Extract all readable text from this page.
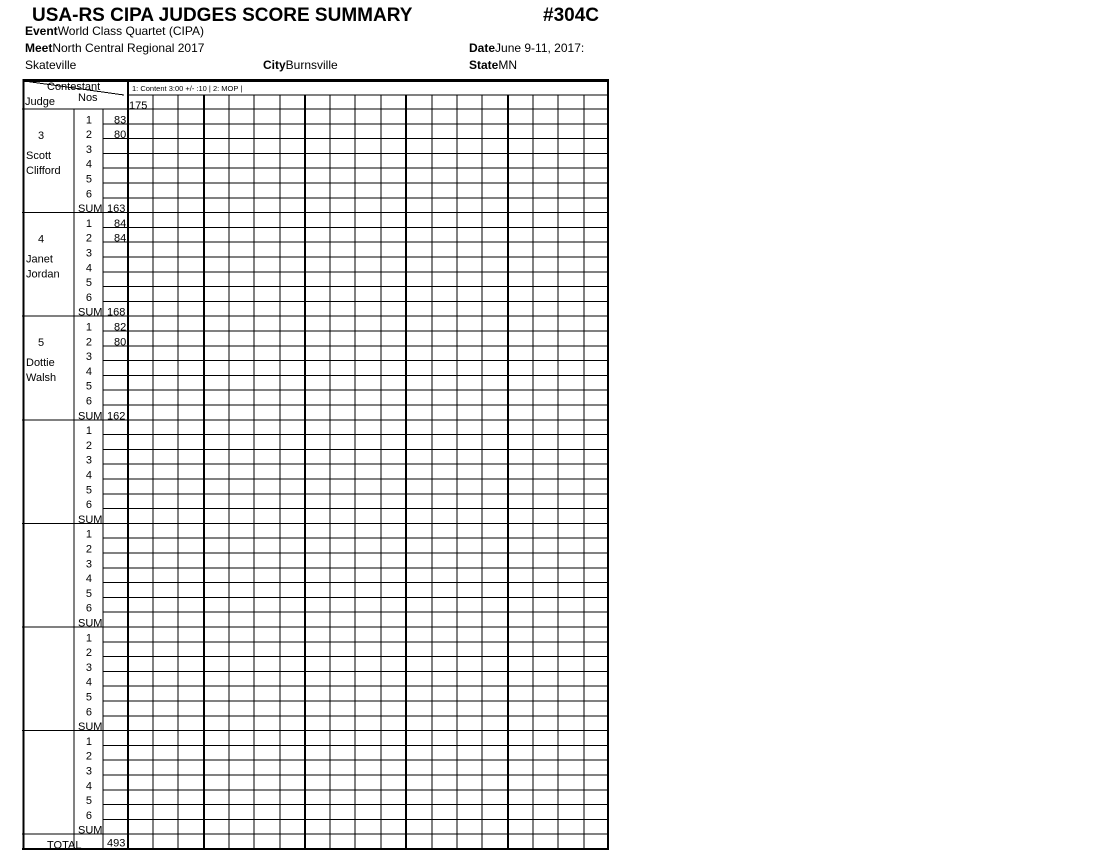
USA-RS CIPA JUDGES SCORE SUMMARY	#304C
EventWorld Class Quartet (CIPA)
MeetNorth Central Regional 2017
Skateville	CityBurnsville
DateJune 9-11, 2017:
StateMN
Contestant
Nos
Judge
1: Content 3:00 +/- :10 | 2: MOP |
175
3
Scott
Clifford
1 83
2 80
3
4
5
6
SUM 163
4
Janet
Jordan
1 84
2 84
3
4
5
6
SUM 168
5
Dottie
Walsh
1 82
2 80
3
4
5
6
SUM 162
1
2
3
4
5
6
SUM
1
2
3
4
5
6
SUM
1
2
3
4
5
6
SUM
1
2
3
4
5
6
SUM
TOTAL 493
